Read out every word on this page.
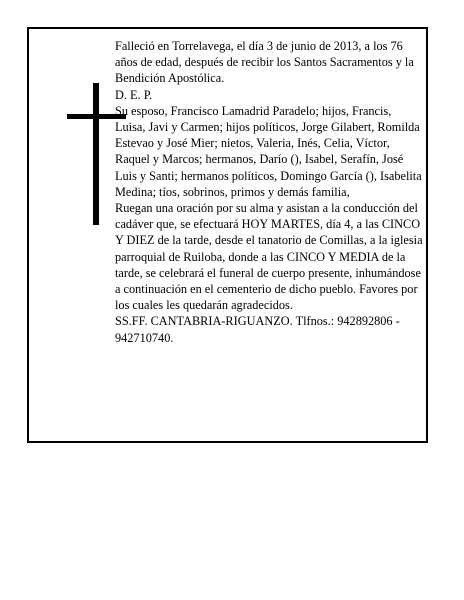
Falleció en Torrelavega, el día 3 de junio de 2013, a los 76 años de edad, después de recibir los Santos Sacramentos y la Bendición Apostólica.

D. E. P.

Su esposo, Francisco Lamadrid Paradelo; hijos, Francis, Luisa, Javi y Carmen; hijos políticos, Jorge Gilabert, Romilda Estevao y José Mier; nietos, Valeria, Inés, Celia, Víctor, Raquel y Marcos; hermanos, Darío (), Isabel, Serafín, José Luis y Santi; hermanos políticos, Domingo García (), Isabelita Medina; tíos, sobrinos, primos y demás familia,

Ruegan una oración por su alma y asistan a la conducción del cadáver que, se efectuará HOY MARTES, día 4, a las CINCO Y DIEZ de la tarde, desde el tanatorio de Comillas, a la iglesia parroquial de Ruiloba, donde a las CINCO Y MEDIA de la tarde, se celebrará el funeral de cuerpo presente, inhumándose a continuación en el cementerio de dicho pueblo. Favores por los cuales les quedarán agradecidos.

SS.FF. CANTABRIA-RIGUANZO. Tlfnos.: 942892806 - 942710740.
